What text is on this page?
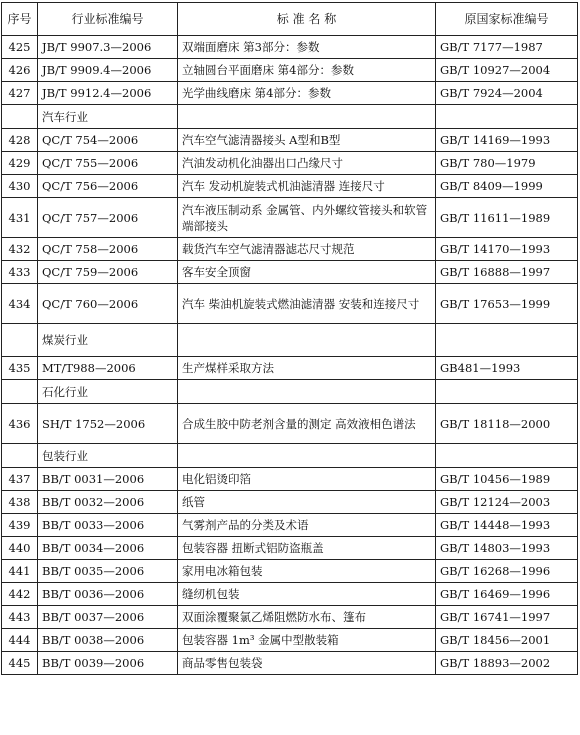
序号	行业标准编号	标 准 名 称	原国家标准编号
425	JB/T 9907.3—2006	双端面磨床 第3部分：参数	GB/T 7177—1987
426	JB/T 9909.4—2006	立轴圆台平面磨床 第4部分：参数	GB/T 10927—2004
427	JB/T 9912.4—2006	光学曲线磨床 第4部分：参数	GB/T 7924—2004
	汽车行业		
428	QC/T 754—2006	汽车空气滤清器接头 A型和B型	GB/T 14169—1993
429	QC/T 755—2006	汽油发动机化油器出口凸缘尺寸	GB/T 780—1979
430	QC/T 756—2006	汽车 发动机旋装式机油滤清器 连接尺寸	GB/T 8409—1999
431	QC/T 757—2006	汽车液压制动系 金属管、内外螺纹管接头和软管端部接头	GB/T 11611—1989
432	QC/T 758—2006	载货汽车空气滤清器滤芯尺寸规范	GB/T 14170—1993
433	QC/T 759—2006	客车安全顶窗	GB/T 16888—1997
434	QC/T 760—2006	汽车 柴油机旋装式燃油滤清器 安装和连接尺寸	GB/T 17653—1999
	煤炭行业		
435	MT/T988—2006	生产煤样采取方法	GB481—1993
	石化行业		
436	SH/T 1752—2006	合成生胶中防老剂含量的测定 高效液相色谱法	GB/T 18118—2000
	包装行业		
437	BB/T 0031—2006	电化铝烫印箔	GB/T 10456—1989
438	BB/T 0032—2006	纸管	GB/T 12124—2003
439	BB/T 0033—2006	气雾剂产品的分类及术语	GB/T 14448—1993
440	BB/T 0034—2006	包装容器 扭断式铝防盗瓶盖	GB/T 14803—1993
441	BB/T 0035—2006	家用电冰箱包装	GB/T 16268—1996
442	BB/T 0036—2006	缝纫机包装	GB/T 16469—1996
443	BB/T 0037—2006	双面涂覆聚氯乙烯阻燃防水布、篷布	GB/T 16741—1997
444	BB/T 0038—2006	包装容器 1m³ 金属中型散装箱	GB/T 18456—2001
445	BB/T 0039—2006	商品零售包装袋	GB/T 18893—2002
